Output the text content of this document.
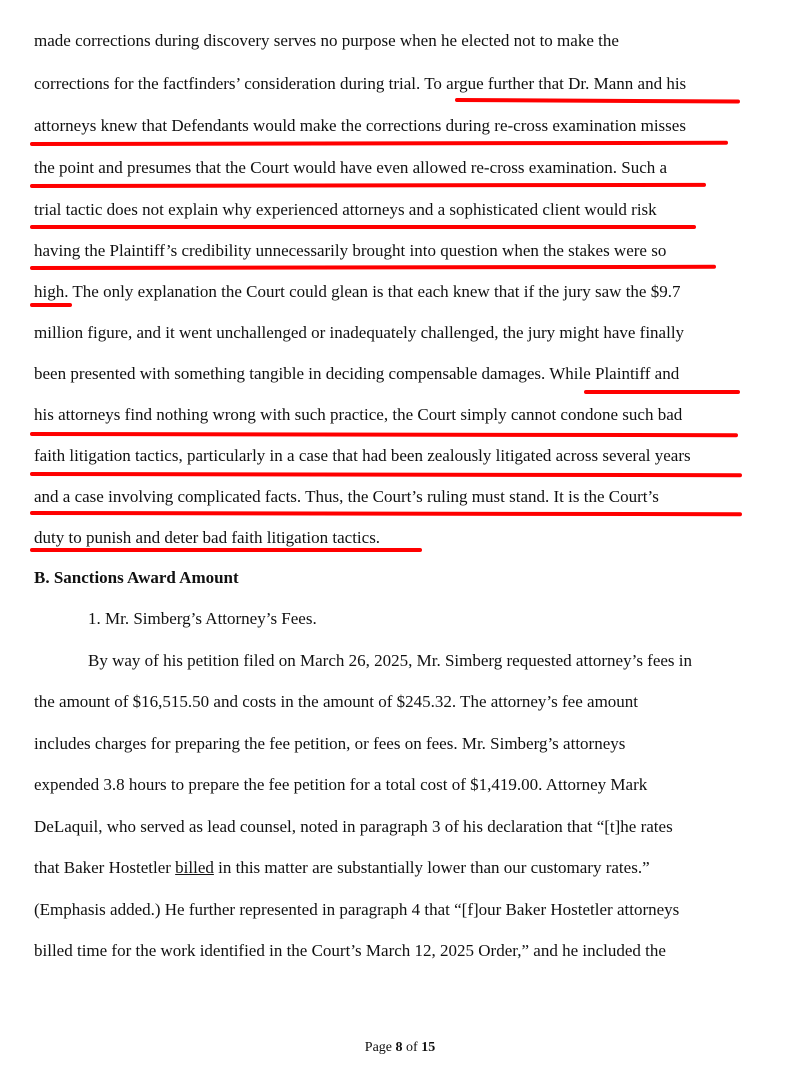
made corrections during discovery serves no purpose when he elected not to make the
corrections for the factfinders’ consideration during trial. To argue further that Dr. Mann and his
attorneys knew that Defendants would make the corrections during re-cross examination misses
the point and presumes that the Court would have even allowed re-cross examination. Such a
trial tactic does not explain why experienced attorneys and a sophisticated client would risk
having the Plaintiff’s credibility unnecessarily brought into question when the stakes were so
high. The only explanation the Court could glean is that each knew that if the jury saw the $9.7
million figure, and it went unchallenged or inadequately challenged, the jury might have finally
been presented with something tangible in deciding compensable damages. While Plaintiff and
his attorneys find nothing wrong with such practice, the Court simply cannot condone such bad
faith litigation tactics, particularly in a case that had been zealously litigated across several years
and a case involving complicated facts. Thus, the Court’s ruling must stand. It is the Court’s
duty to punish and deter bad faith litigation tactics.
B. Sanctions Award Amount
1. Mr. Simberg’s Attorney’s Fees.
By way of his petition filed on March 26, 2025, Mr. Simberg requested attorney’s fees in
the amount of $16,515.50 and costs in the amount of $245.32. The attorney’s fee amount
includes charges for preparing the fee petition, or fees on fees. Mr. Simberg’s attorneys
expended 3.8 hours to prepare the fee petition for a total cost of $1,419.00. Attorney Mark
DeLaquil, who served as lead counsel, noted in paragraph 3 of his declaration that “[t]he rates
that Baker Hostetler billed in this matter are substantially lower than our customary rates.”
(Emphasis added.) He further represented in paragraph 4 that “[f]our Baker Hostetler attorneys
billed time for the work identified in the Court’s March 12, 2025 Order,” and he included the
Page 8 of 15
